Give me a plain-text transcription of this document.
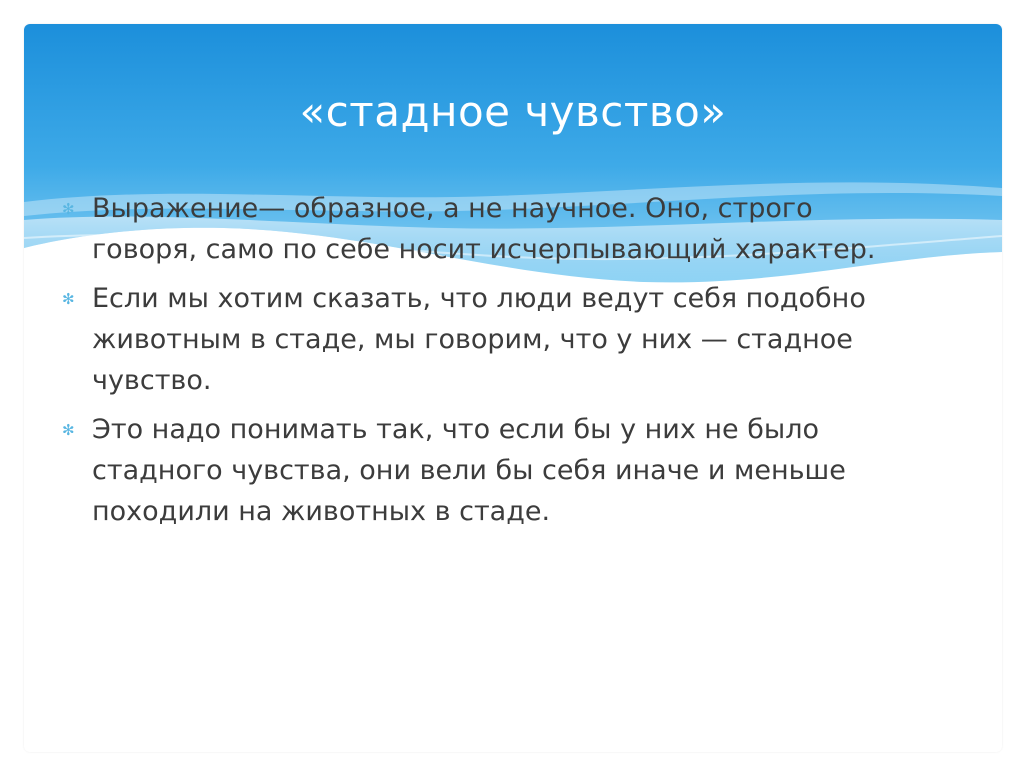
«стадное чувство»
✻ Выражение— образное, а не научное. Оно, строго говоря, само по себе носит исчерпывающий характер.
✻ Если мы хотим сказать, что люди ведут себя подобно животным в стаде, мы говорим, что у них — стадное чувство.
✻ Это надо понимать так, что если бы у них не было стадного чувства, они вели бы себя иначе и меньше походили на животных в стаде.
